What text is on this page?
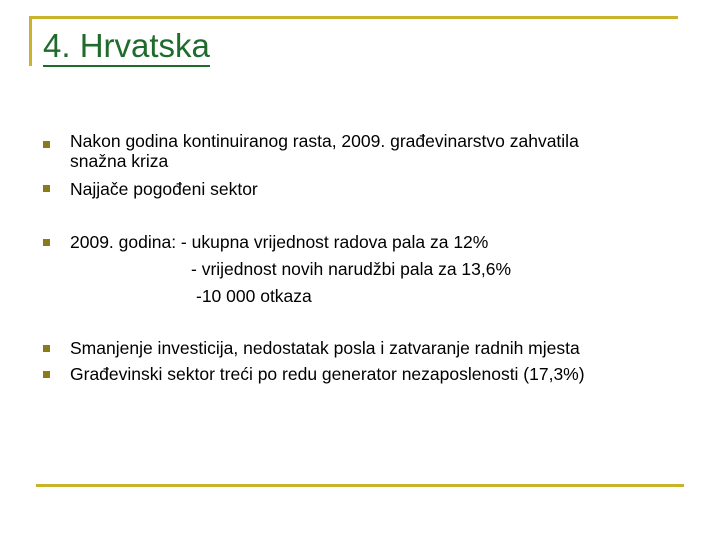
4. Hrvatska
Nakon godina kontinuiranog rasta, 2009. građevinarstvo zahvatila
snažna kriza
Najjače pogođeni sektor
2009. godina: - ukupna vrijednost radova pala za 12%
- vrijednost novih narudžbi pala za 13,6%
-10 000 otkaza
Smanjenje investicija, nedostatak posla i zatvaranje radnih mjesta
Građevinski sektor treći po redu generator nezaposlenosti (17,3%)
